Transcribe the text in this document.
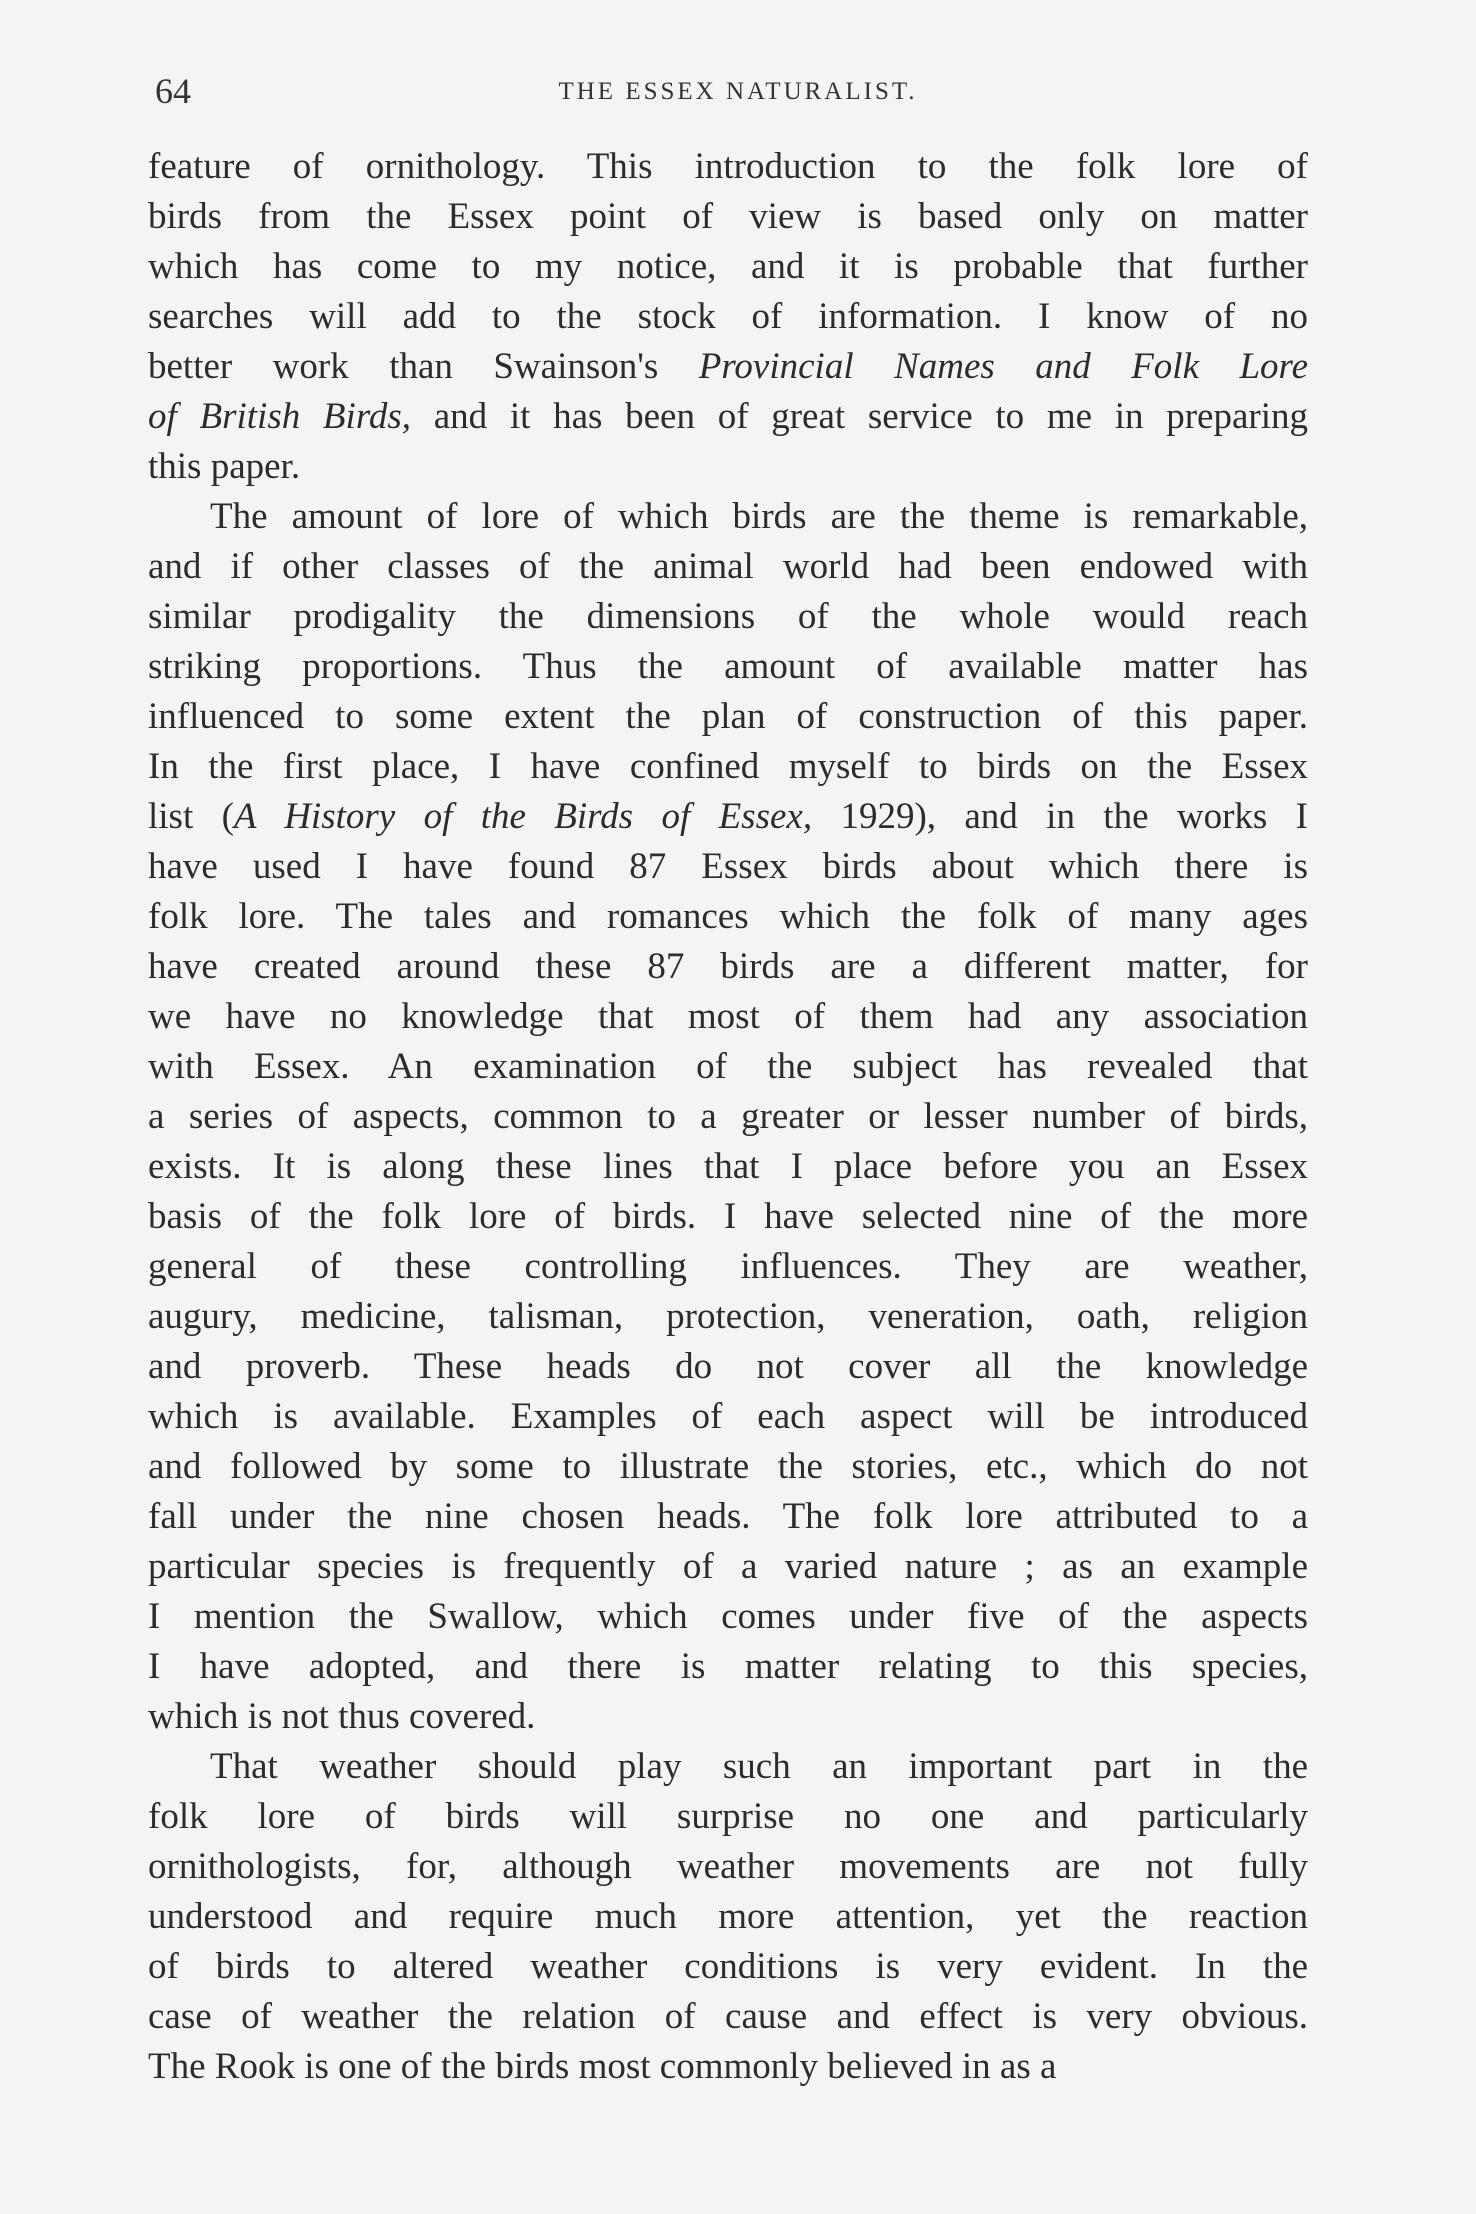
64	THE ESSEX NATURALIST.
feature of ornithology. This introduction to the folk lore of
birds from the Essex point of view is based only on matter
which has come to my notice, and it is probable that further
searches will add to the stock of information. I know of no
better work than Swainson's Provincial Names and Folk Lore
of British Birds, and it has been of great service to me in preparing
this paper.
The amount of lore of which birds are the theme is remarkable,
and if other classes of the animal world had been endowed with
similar prodigality the dimensions of the whole would reach
striking proportions. Thus the amount of available matter has
influenced to some extent the plan of construction of this paper.
In the first place, I have confined myself to birds on the Essex
list (A History of the Birds of Essex, 1929), and in the works I
have used I have found 87 Essex birds about which there is
folk lore. The tales and romances which the folk of many ages
have created around these 87 birds are a different matter, for
we have no knowledge that most of them had any association
with Essex. An examination of the subject has revealed that
a series of aspects, common to a greater or lesser number of birds,
exists. It is along these lines that I place before you an Essex
basis of the folk lore of birds. I have selected nine of the more
general of these controlling influences. They are weather,
augury, medicine, talisman, protection, veneration, oath, religion
and proverb. These heads do not cover all the knowledge
which is available. Examples of each aspect will be introduced
and followed by some to illustrate the stories, etc., which do not
fall under the nine chosen heads. The folk lore attributed to a
particular species is frequently of a varied nature ; as an example
I mention the Swallow, which comes under five of the aspects
I have adopted, and there is matter relating to this species,
which is not thus covered.
That weather should play such an important part in the
folk lore of birds will surprise no one and particularly
ornithologists, for, although weather movements are not fully
understood and require much more attention, yet the reaction
of birds to altered weather conditions is very evident. In the
case of weather the relation of cause and effect is very obvious.
The Rook is one of the birds most commonly believed in as a
